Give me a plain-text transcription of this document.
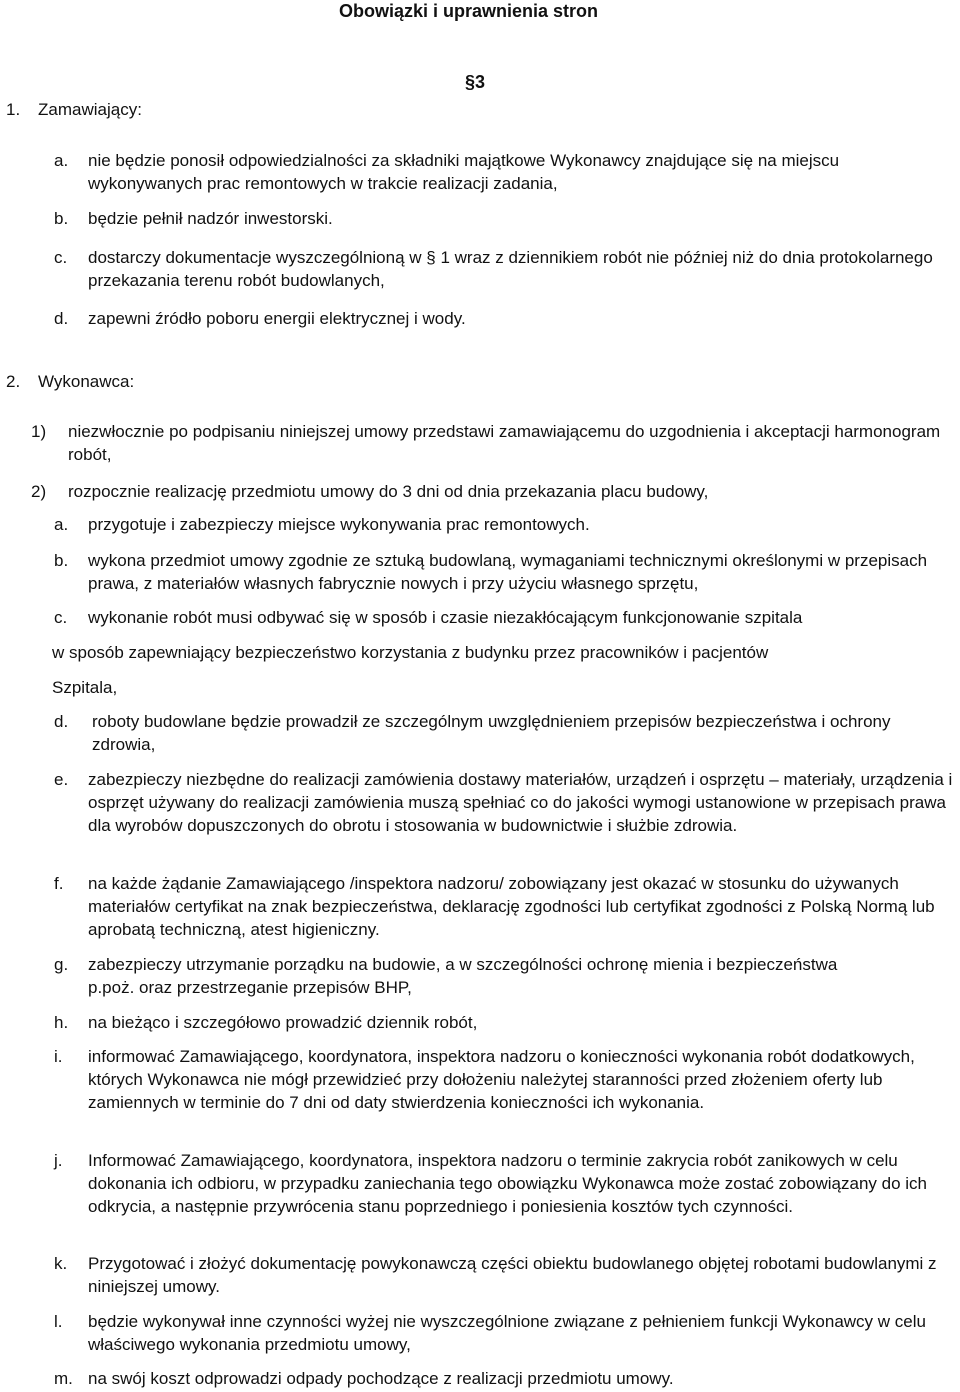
Obowiązki i uprawnienia stron
§3
1. Zamawiający:
a. nie będzie ponosił odpowiedzialności za składniki majątkowe Wykonawcy znajdujące się na miejscu wykonywanych prac remontowych w trakcie realizacji zadania,
b. będzie pełnił nadzór inwestorski.
c. dostarczy dokumentacje wyszczególnioną w § 1 wraz z dziennikiem robót nie później niż do dnia protokolarnego przekazania terenu robót budowlanych,
d. zapewni źródło poboru energii elektrycznej i wody.
2. Wykonawca:
1) niezwłocznie po podpisaniu niniejszej umowy przedstawi zamawiającemu do uzgodnienia i akceptacji harmonogram robót,
2) rozpocznie realizację przedmiotu umowy do 3 dni od dnia przekazania placu budowy,
a. przygotuje i zabezpieczy miejsce wykonywania prac remontowych.
b. wykona przedmiot umowy zgodnie ze sztuką budowlaną, wymaganiami technicznymi określonymi w przepisach prawa, z materiałów własnych fabrycznie nowych i przy użyciu własnego sprzętu,
c. wykonanie robót musi odbywać się w sposób i czasie niezakłócającym funkcjonowanie szpitala
w sposób zapewniający bezpieczeństwo korzystania z budynku przez pracowników i pacjentów
Szpitala,
d. roboty budowlane będzie prowadził ze szczególnym uwzględnieniem przepisów bezpieczeństwa i ochrony zdrowia,
e. zabezpieczy niezbędne do realizacji zamówienia dostawy materiałów, urządzeń i osprzętu – materiały, urządzenia i osprzęt używany do realizacji zamówienia muszą spełniać co do jakości wymogi ustanowione w przepisach prawa dla wyrobów dopuszczonych do obrotu i stosowania w budownictwie i służbie zdrowia.
f. na każde żądanie Zamawiającego /inspektora nadzoru/ zobowiązany jest okazać w stosunku do używanych materiałów certyfikat na znak bezpieczeństwa, deklarację zgodności lub certyfikat zgodności z Polską Normą lub aprobatą techniczną, atest higieniczny.
g. zabezpieczy utrzymanie porządku na budowie, a w szczególności ochronę mienia i bezpieczeństwa p.poż. oraz przestrzeganie przepisów BHP,
h. na bieżąco i szczegółowo prowadzić dziennik robót,
i. informować Zamawiającego, koordynatora, inspektora nadzoru o konieczności wykonania robót dodatkowych, których Wykonawca nie mógł przewidzieć przy dołożeniu należytej staranności przed złożeniem oferty lub zamiennych w terminie do 7 dni od daty stwierdzenia konieczności ich wykonania.
j. Informować Zamawiającego, koordynatora, inspektora nadzoru o terminie zakrycia robót zanikowych w celu dokonania ich odbioru, w przypadku zaniechania tego obowiązku Wykonawca może zostać zobowiązany do ich odkrycia, a następnie przywrócenia stanu poprzedniego i poniesienia kosztów tych czynności.
k. Przygotować i złożyć dokumentację powykonawczą części obiektu budowlanego objętej robotami budowlanymi z niniejszej umowy.
l. będzie wykonywał inne czynności wyżej nie wyszczególnione związane z pełnieniem funkcji Wykonawcy w celu właściwego wykonania przedmiotu umowy,
m. na swój koszt odprowadzi odpady pochodzące z realizacji przedmiotu umowy.
